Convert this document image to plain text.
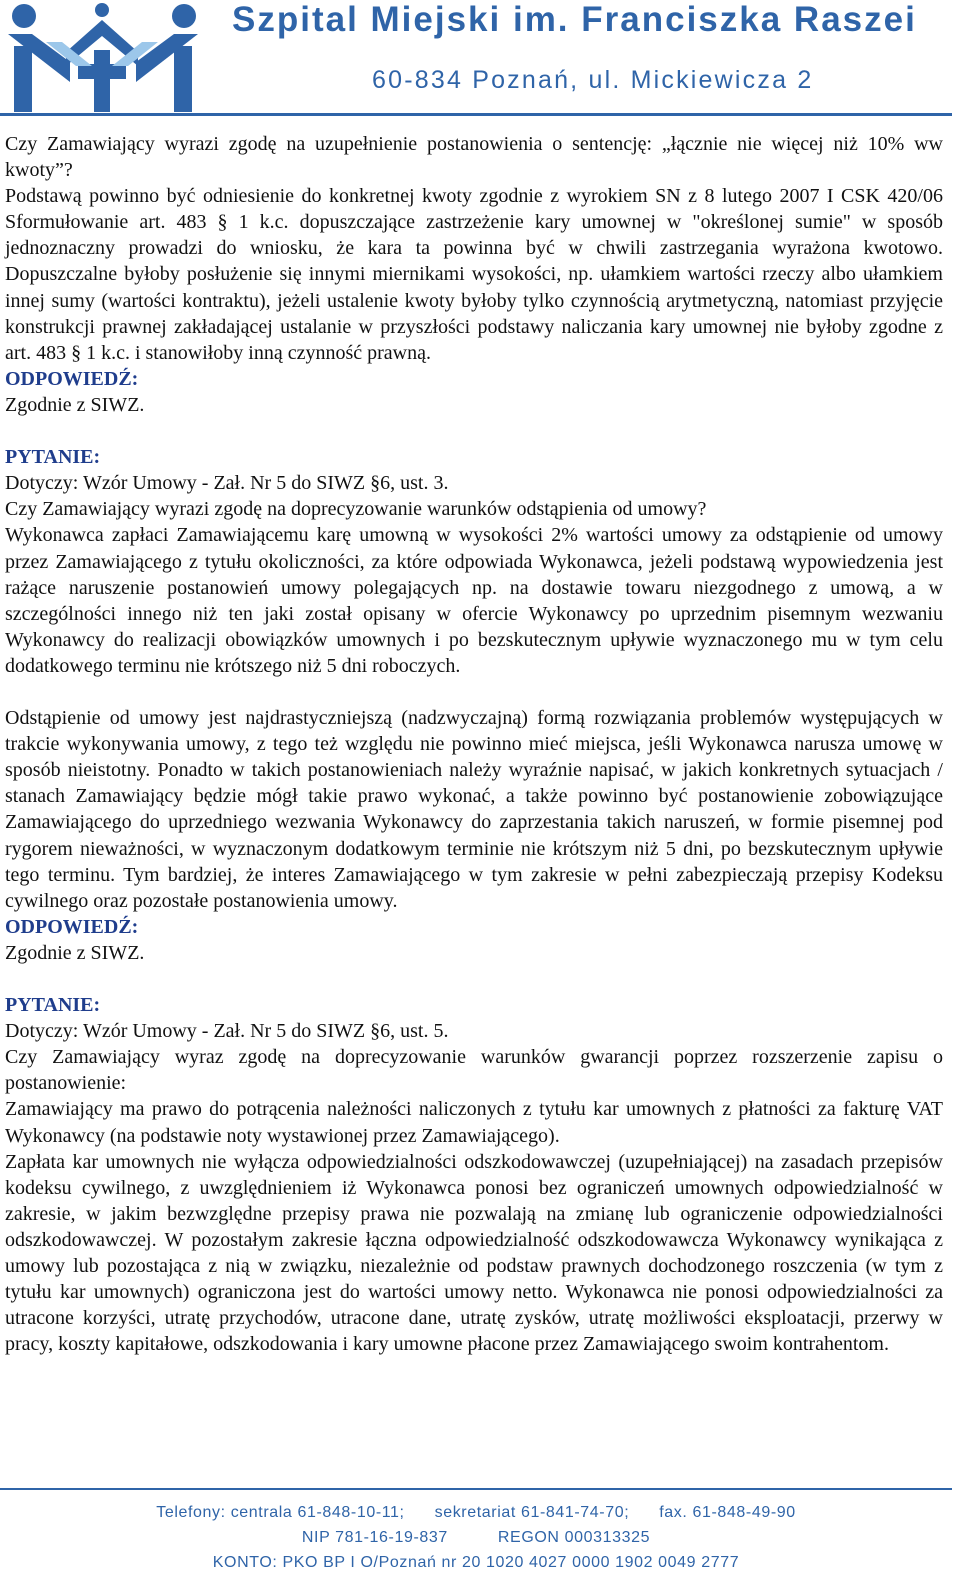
Szpital Miejski im. Franciszka Raszei
60-834 Poznań, ul. Mickiewicza 2

Czy Zamawiający wyrazi zgodę na uzupełnienie postanowienia o sentencję: „łącznie nie więcej niż 10% ww kwoty”?

Podstawą powinno być odniesienie do konkretnej kwoty zgodnie z wyrokiem SN z 8 lutego 2007 I CSK 420/06 Sformułowanie art. 483 § 1 k.c. dopuszczające zastrzeżenie kary umownej w "określonej sumie" w sposób jednoznaczny prowadzi do wniosku, że kara ta powinna być w chwili zastrzegania wyrażona kwotowo. Dopuszczalne byłoby posłużenie się innymi miernikami wysokości, np. ułamkiem wartości rzeczy albo ułamkiem innej sumy (wartości kontraktu), jeżeli ustalenie kwoty byłoby tylko czynnością arytmetyczną, natomiast przyjęcie konstrukcji prawnej zakładającej ustalanie w przyszłości podstawy naliczania kary umownej nie byłoby zgodne z art. 483 § 1 k.c. i stanowiłoby inną czynność prawną.

ODPOWIEDŹ:

Zgodnie z SIWZ.

PYTANIE:

Dotyczy: Wzór Umowy - Zał. Nr 5 do SIWZ §6, ust. 3.

Czy Zamawiający wyrazi zgodę na doprecyzowanie warunków odstąpienia od umowy?

Wykonawca zapłaci Zamawiającemu karę umowną w wysokości 2% wartości umowy za odstąpienie od umowy przez Zamawiającego z tytułu okoliczności, za które odpowiada Wykonawca, jeżeli podstawą wypowiedzenia jest rażące naruszenie postanowień umowy polegających np. na dostawie towaru niezgodnego z umową, a w szczególności innego niż ten jaki został opisany w ofercie Wykonawcy po uprzednim pisemnym wezwaniu Wykonawcy do realizacji obowiązków umownych i po bezskutecznym upływie wyznaczonego mu w tym celu dodatkowego terminu nie krótszego niż 5 dni roboczych.

Odstąpienie od umowy jest najdrastyczniejszą (nadzwyczajną) formą rozwiązania problemów występujących w trakcie wykonywania umowy, z tego też względu nie powinno mieć miejsca, jeśli Wykonawca narusza umowę w sposób nieistotny. Ponadto w takich postanowieniach należy wyraźnie napisać, w jakich konkretnych sytuacjach / stanach Zamawiający będzie mógł takie prawo wykonać, a także powinno być postanowienie zobowiązujące Zamawiającego do uprzedniego wezwania Wykonawcy do zaprzestania takich naruszeń, w formie pisemnej pod rygorem nieważności, w wyznaczonym dodatkowym terminie nie krótszym niż 5 dni, po bezskutecznym upływie tego terminu. Tym bardziej, że interes Zamawiającego w tym zakresie w pełni zabezpieczają przepisy Kodeksu cywilnego oraz pozostałe postanowienia umowy.

ODPOWIEDŹ:

Zgodnie z SIWZ.

PYTANIE:

Dotyczy: Wzór Umowy - Zał. Nr 5 do SIWZ §6, ust. 5.

Czy Zamawiający wyraz zgodę na doprecyzowanie warunków gwarancji poprzez rozszerzenie zapisu o postanowienie:

Zamawiający ma prawo do potrącenia należności naliczonych z tytułu kar umownych z płatności za fakturę VAT Wykonawcy (na podstawie noty wystawionej przez Zamawiającego).

Zapłata kar umownych nie wyłącza odpowiedzialności odszkodowawczej (uzupełniającej) na zasadach przepisów kodeksu cywilnego, z uwzględnieniem iż Wykonawca ponosi bez ograniczeń umownych odpowiedzialność w zakresie, w jakim bezwzględne przepisy prawa nie pozwalają na zmianę lub ograniczenie odpowiedzialności odszkodowawczej. W pozostałym zakresie łączna odpowiedzialność odszkodowawcza Wykonawcy wynikająca z umowy lub pozostająca z nią w związku, niezależnie od podstaw prawnych dochodzonego roszczenia (w tym z tytułu kar umownych) ograniczona jest do wartości umowy netto. Wykonawca nie ponosi odpowiedzialności za utracone korzyści, utratę przychodów, utracone dane, utratę zysków, utratę możliwości eksploatacji, przerwy w pracy, koszty kapitałowe, odszkodowania i kary umowne płacone przez Zamawiającego swoim kontrahentom.

Telefony: centrala 61-848-10-11; sekretariat 61-841-74-70; fax. 61-848-49-90
NIP 781-16-19-837	REGON 000313325
KONTO: PKO BP I O/Poznań nr 20 1020 4027 0000 1902 0049 2777
